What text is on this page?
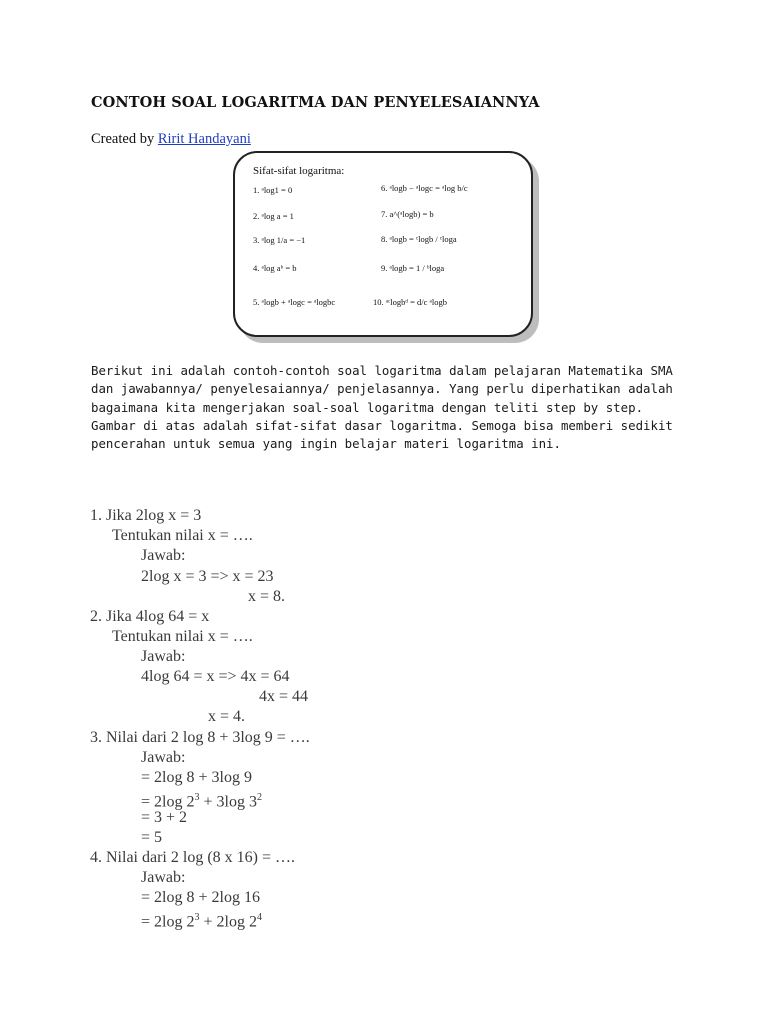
CONTOH SOAL LOGARITMA DAN PENYELESAIANNYA
Created by Ririt Handayani
Sifat-sifat logaritma:
1. ᵃlog1 = 0
2. ᵃlog a = 1
3. ᵃlog 1/a = −1
4. ᵃlog aᵇ = b
5. ᵃlogb + ᵃlogc = ᵃlogbc
6. ᵃlogb − ᵃlogc = ᵃlog b/c
7. a^(ᵃlogb) = b
8. ᵃlogb = ᶜlogb / ᶜloga
9. ᵃlogb = 1 / ᵇloga
10. ᵃᶜlogbᵈ = d/c ᵃlogb

Berikut ini adalah contoh-contoh soal logaritma dalam pelajaran Matematika SMA dan jawabannya/ penyelesaiannya/ penjelasannya. Yang perlu diperhatikan adalah bagaimana kita mengerjakan soal-soal logaritma dengan teliti step by step. Gambar di atas adalah sifat-sifat dasar logaritma. Semoga bisa memberi sedikit pencerahan untuk semua yang ingin belajar materi logaritma ini.

1. Jika 2log x = 3
Tentukan nilai x = ….
Jawab:
2log x = 3 => x = 23
x = 8.
2. Jika 4log 64 = x
Tentukan nilai x = ….
Jawab:
4log 64 = x => 4x = 64
4x = 44
x = 4.
3. Nilai dari 2 log 8 + 3log 9 = ….
Jawab:
= 2log 8 + 3log 9
= 2log $2^3 + 3\log$ $3^2$
= 3 + 2
= 5
4. Nilai dari 2 log (8 x 16) = ….
Jawab:
= 2log 8 + 2log 16
= 2log $2^3 + 2\log$ $2^4$
